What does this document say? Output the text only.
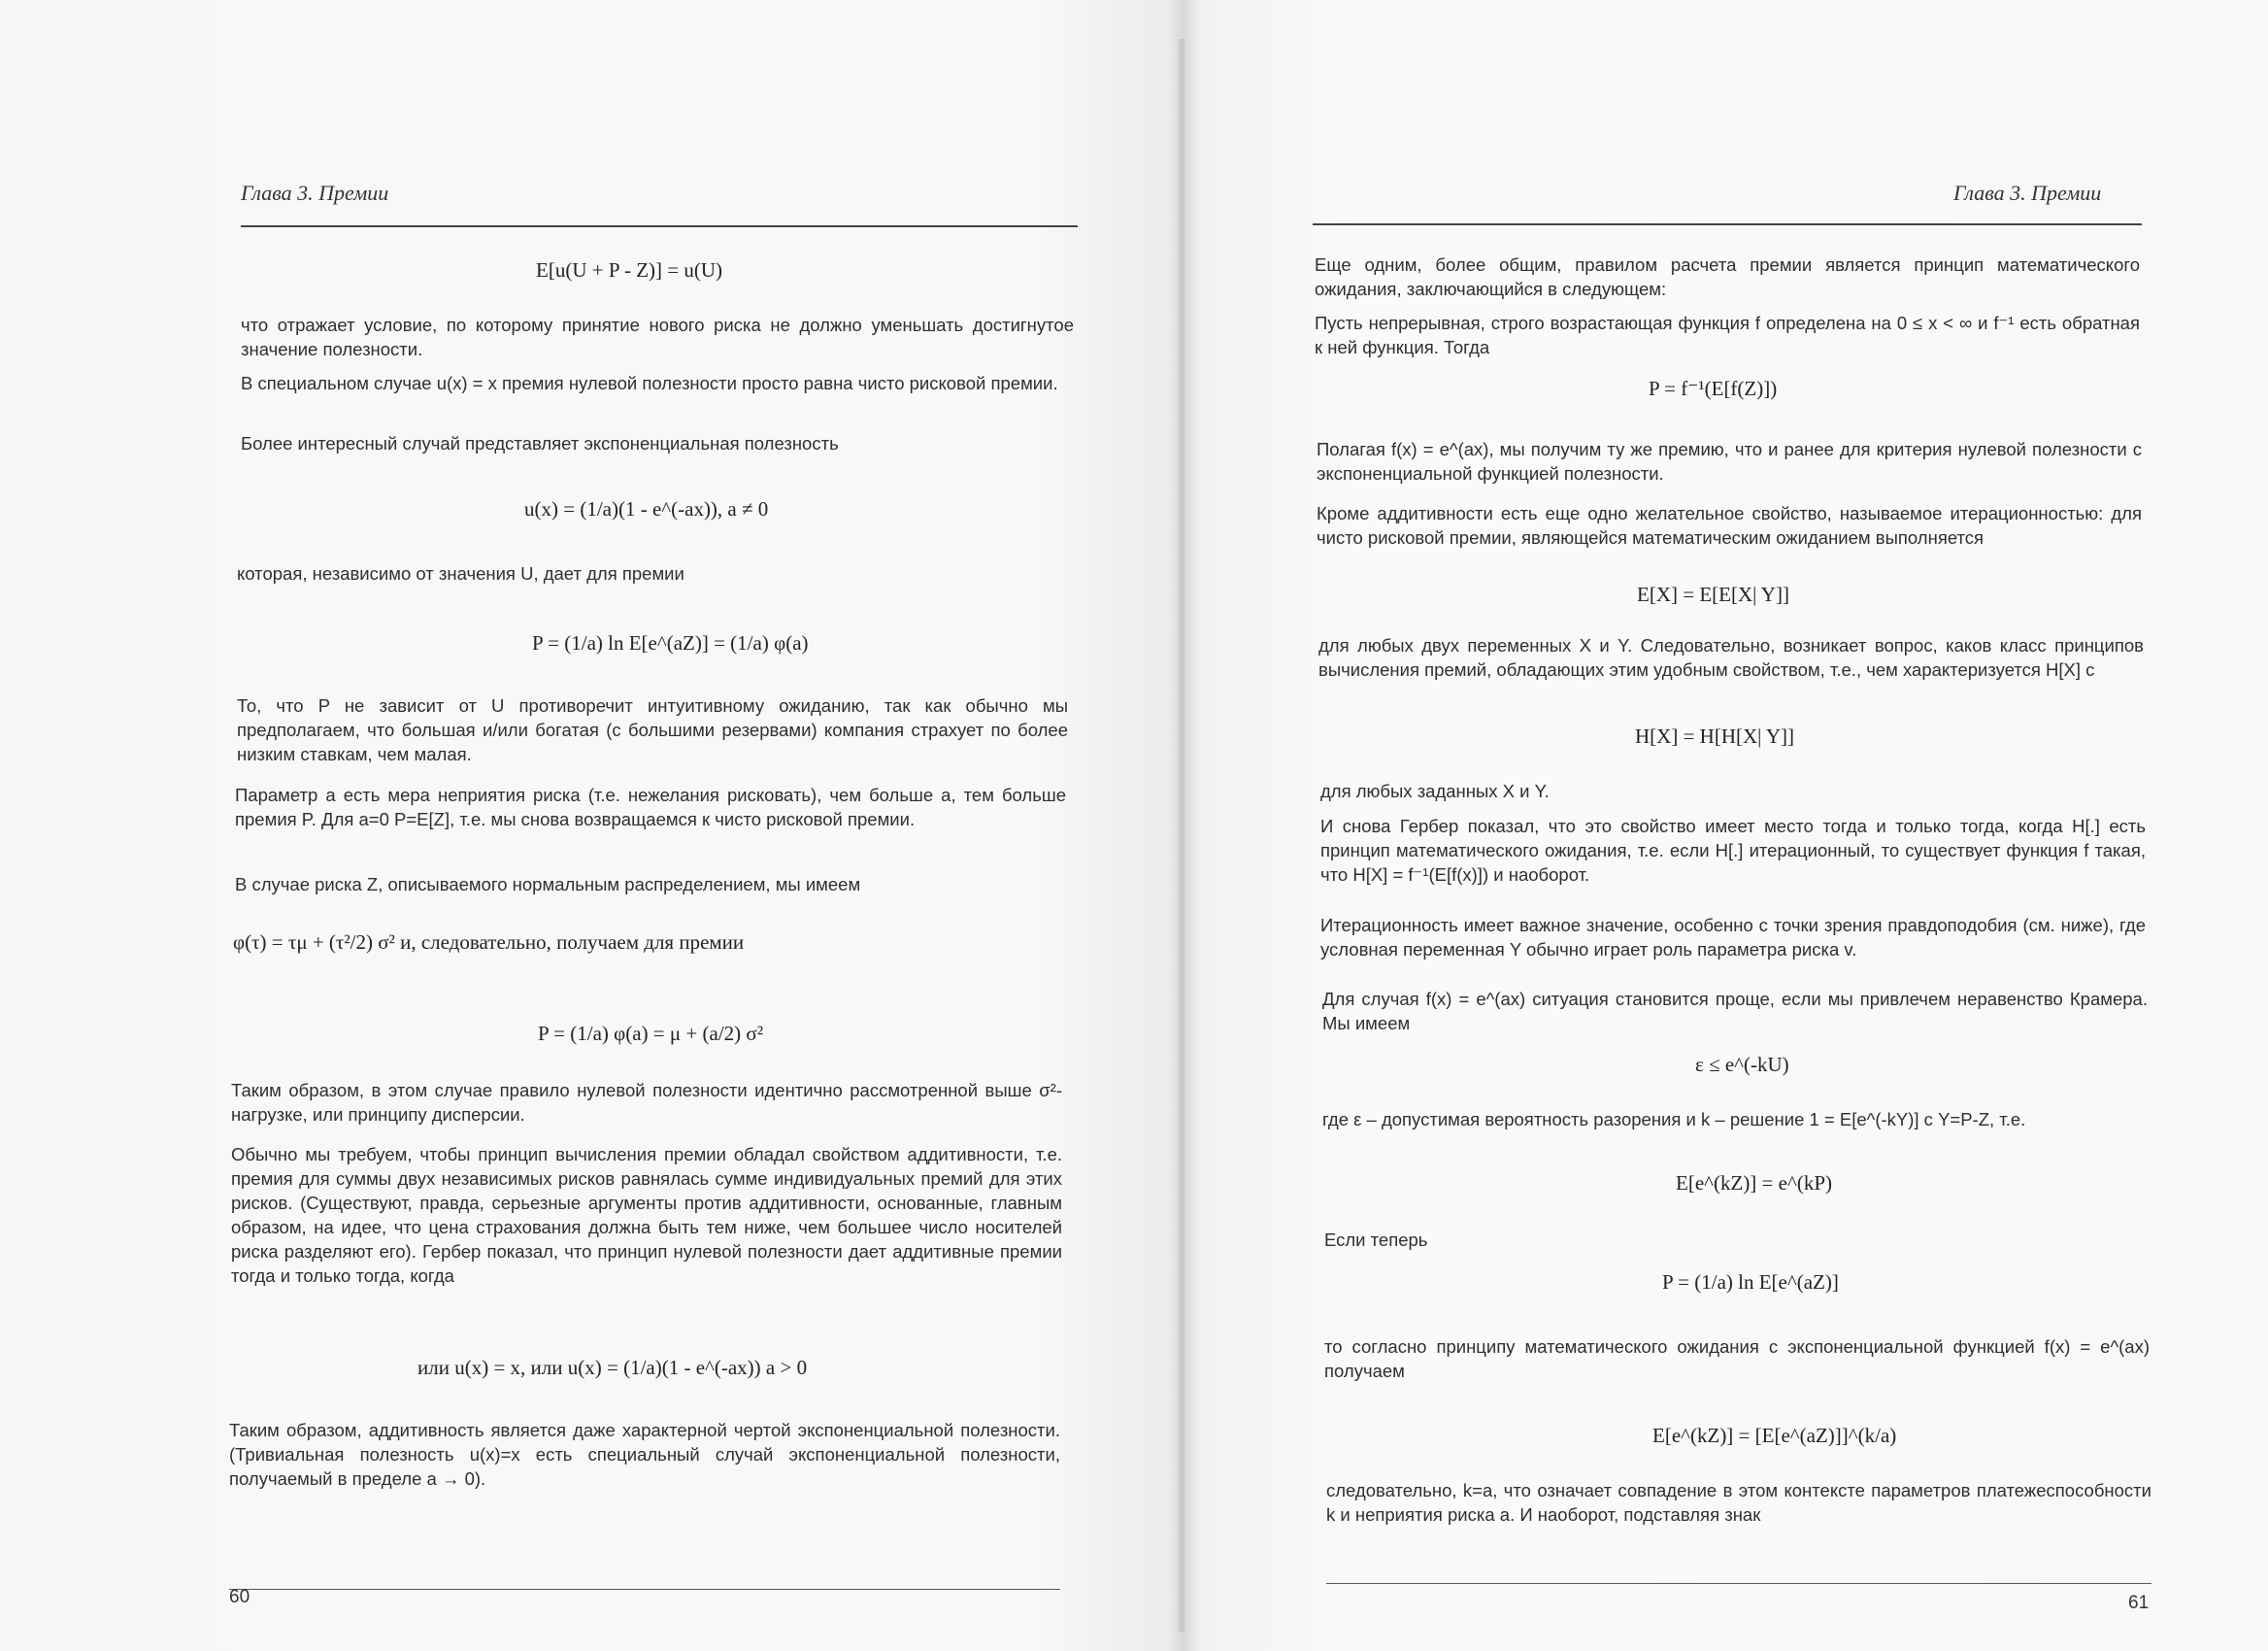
Глава 3. Премии
E[u(U + P - Z)] = u(U)
что отражает условие, по которому принятие нового риска не должно уменьшать достигнутое значение полезности.
В специальном случае u(x) = x премия нулевой полезности просто равна чисто рисковой премии.
Более интересный случай представляет экспоненциальная полезность
u(x) = (1/a)(1 - e^(-ax)), a ≠ 0
которая, независимо от значения U, дает для премии
P = (1/a) ln E[e^(aZ)] = (1/a) φ(a)
То, что P не зависит от U противоречит интуитивному ожиданию, так как обычно мы предполагаем, что большая и/или богатая (с большими резервами) компания страхует по более низким ставкам, чем малая.
Параметр а есть мера неприятия риска (т.е. нежелания рисковать), чем больше a, тем больше премия P. Для a=0 P=E[Z], т.е. мы снова возвращаемся к чисто рисковой премии.
В случае риска Z, описываемого нормальным распределением, мы имеем
φ(τ) = τμ + (τ²/2) σ² и, следовательно, получаем для премии
P = (1/a) φ(a) = μ + (a/2) σ²
Таким образом, в этом случае правило нулевой полезности идентично рассмотренной выше σ²-нагрузке, или принципу дисперсии.
Обычно мы требуем, чтобы принцип вычисления премии обладал свойством аддитивности, т.е. премия для суммы двух независимых рисков равнялась сумме индивидуальных премий для этих рисков. (Существуют, правда, серьезные аргументы против аддитивности, основанные, главным образом, на идее, что цена страхования должна быть тем ниже, чем большее число носителей риска разделяют его). Гербер показал, что принцип нулевой полезности дает аддитивные премии тогда и только тогда, когда
или u(x) = x, или u(x) = (1/a)(1 - e^(-ax)) a > 0
Таким образом, аддитивность является даже характерной чертой экспоненциальной полезности. (Тривиальная полезность u(x)=x есть специальный случай экспоненциальной полезности, получаемый в пределе a → 0).
60
Глава 3. Премии
Еще одним, более общим, правилом расчета премии является принцип математического ожидания, заключающийся в следующем:
Пусть непрерывная, строго возрастающая функция f определена на 0 ≤ x < ∞ и f⁻¹ есть обратная к ней функция. Тогда
P = f⁻¹(E[f(Z)])
Полагая f(x) = e^(ax), мы получим ту же премию, что и ранее для критерия нулевой полезности с экспоненциальной функцией полезности.
Кроме аддитивности есть еще одно желательное свойство, называемое итерационностью: для чисто рисковой премии, являющейся математическим ожиданием выполняется
E[X] = E[E[X| Y]]
для любых двух переменных X и Y. Следовательно, возникает вопрос, каков класс принципов вычисления премий, обладающих этим удобным свойством, т.е., чем характеризуется H[X] с
H[X] = H[H[X| Y]]
для любых заданных X и Y.
И снова Гербер показал, что это свойство имеет место тогда и только тогда, когда H[.] есть принцип математического ожидания, т.е. если H[.] итерационный, то существует функция f такая, что H[X] = f⁻¹(E[f(x)]) и наоборот.
Итерационность имеет важное значение, особенно с точки зрения правдоподобия (см. ниже), где условная переменная Y обычно играет роль параметра риска v.
Для случая f(x) = e^(ax) ситуация становится проще, если мы привлечем неравенство Крамера. Мы имеем
ε ≤ e^(-kU)
где ε – допустимая вероятность разорения и k – решение 1 = E[e^(-kY)] с Y=P-Z, т.е.
E[e^(kZ)] = e^(kP)
Если теперь
P = (1/a) ln E[e^(aZ)]
то согласно принципу математического ожидания с экспоненциальной функцией f(x) = e^(ax) получаем
E[e^(kZ)] = [E[e^(aZ)]]^(k/a)
следовательно, k=a, что означает совпадение в этом контексте параметров платежеспособности k и неприятия риска a. И наоборот, подставляя знак
61
